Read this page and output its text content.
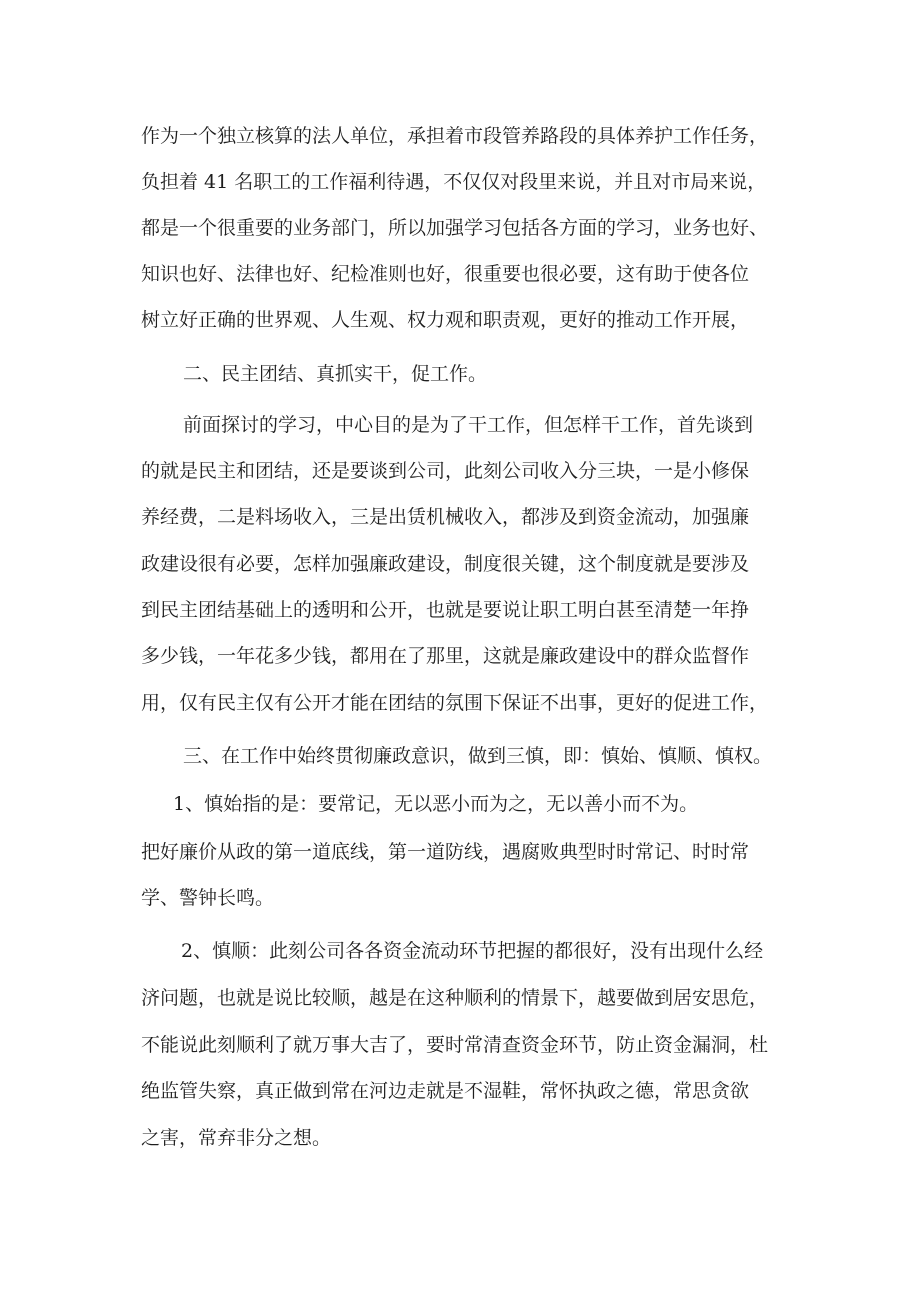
作为一个独立核算的法人单位，承担着市段管养路段的具体养护工作任务，
负担着 41 名职工的工作福利待遇，不仅仅对段里来说，并且对市局来说，
都是一个很重要的业务部门，所以加强学习包括各方面的学习，业务也好、
知识也好、法律也好、纪检准则也好，很重要也很必要，这有助于使各位
树立好正确的世界观、人生观、权力观和职责观，更好的推动工作开展，
二、民主团结、真抓实干，促工作。
前面探讨的学习，中心目的是为了干工作，但怎样干工作，首先谈到
的就是民主和团结，还是要谈到公司，此刻公司收入分三块，一是小修保
养经费，二是料场收入，三是出赁机械收入，都涉及到资金流动，加强廉
政建设很有必要，怎样加强廉政建设，制度很关键，这个制度就是要涉及
到民主团结基础上的透明和公开，也就是要说让职工明白甚至清楚一年挣
多少钱，一年花多少钱，都用在了那里，这就是廉政建设中的群众监督作
用，仅有民主仅有公开才能在团结的氛围下保证不出事，更好的促进工作，
三、在工作中始终贯彻廉政意识，做到三慎，即：慎始、慎顺、慎权。
1、慎始指的是：要常记，无以恶小而为之，无以善小而不为。
把好廉价从政的第一道底线，第一道防线，遇腐败典型时时常记、时时常
学、警钟长鸣。
2、慎顺：此刻公司各各资金流动环节把握的都很好，没有出现什么经
济问题，也就是说比较顺，越是在这种顺利的情景下，越要做到居安思危，
不能说此刻顺利了就万事大吉了，要时常清查资金环节，防止资金漏洞，杜
绝监管失察，真正做到常在河边走就是不湿鞋，常怀执政之德，常思贪欲
之害，常弃非分之想。
